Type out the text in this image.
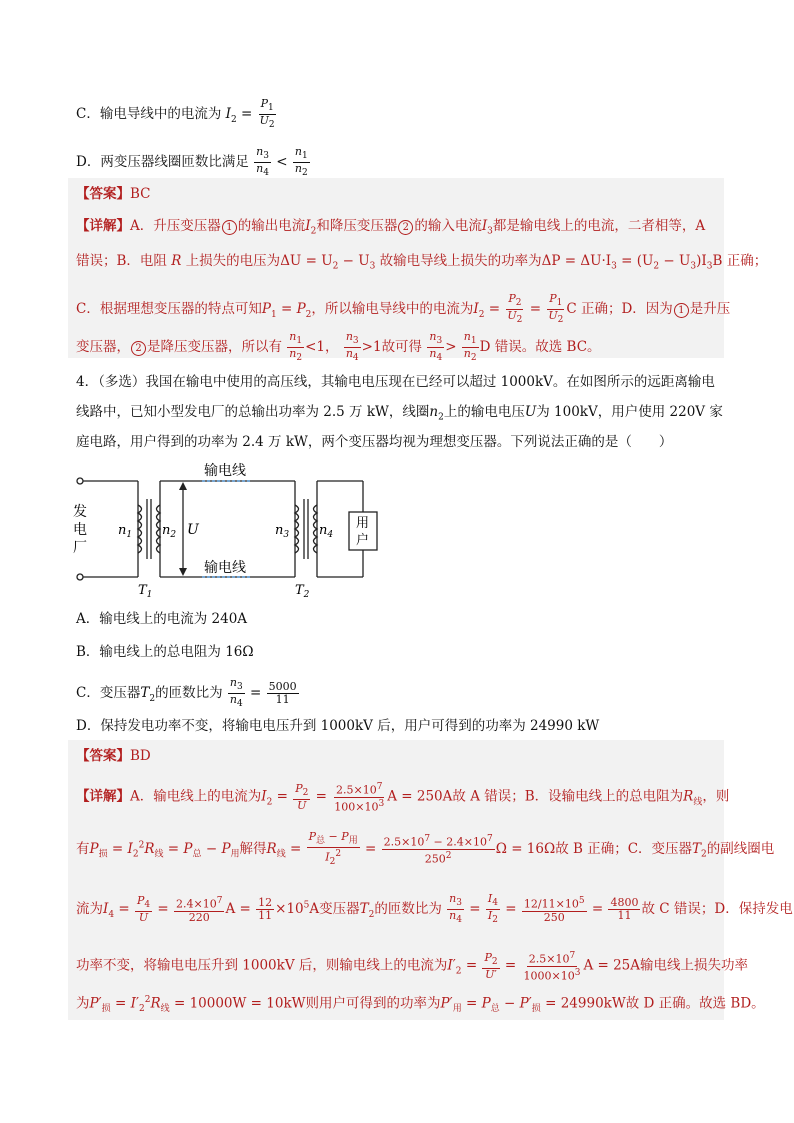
C．输电导线中的电流为 $I_2 = \frac{P_1}{U_2}$
D．两变压器线圈匝数比满足 $\frac{n_3}{n_4} < \frac{n_1}{n_2}$
【答案】BC
【详解】A．升压变压器 1 的输出电流$I_2$和降压变压器 2 的输入电流$I_3$都是输电线上的电流，二者相等，A
错误；B．电阻 R 上损失的电压为$\Delta U = U_2 - U_3$ 故输电导线上损失的功率为$\Delta P = \Delta U\cdot I_3 = (U_2 - U_3)I_3B$ 正确；
C．根据理想变压器的特点可知$P_1 = P_2$，所以输电导线中的电流为$I_2 = \frac{P_2}{U_2} = \frac{P_1}{U_2}$ C 正确；D．因为 1 是升压
变压器， 2 是降压变压器，所以有 $\frac{n_1}{n_2} <1$， $\frac{n_3}{n_4} >1$故可得 $\frac{n_3}{n_4} > \frac{n_1}{n_2}$ D 错误。故选 BC。
4．（多选）我国在输电中使用的高压线，其输电电压现在已经可以超过 1000kV。在如图所示的远距离输电
线路中，已知小型发电厂的总输出功率为 2.5 万 kW，线圈$n_2$上的输电电压U为 100kV，用户使用 220V 家
庭电路，用户得到的功率为 2.4 万 kW，两个变压器均视为理想变压器。下列说法正确的是（　　）
输电线
输电线
发
电
厂
用
户
$n_1$ $n_2$ U	$n_3$ $n_4$
$T_1$	$T_2$
A．输电线上的电流为 240A
B．输电线上的总电阻为 16Ω
C．变压器$T_2$的匝数比为 $\frac{n_3}{n_4} = \frac{5000}{11}$
D．保持发电功率不变，将输电电压升到 1000kV 后，用户可得到的功率为 24990 kW
【答案】BD
【详解】A．输电线上的电流为$I_2 = \frac{P_2}{U} = \frac{2.5\times 10^7}{100\times 10^3}$ A = 250A故 A 错误；B．设输电线上的总电阻为$R_线$，则
有$P_损 = I_2^2R_线 = P_总 - P_用$解得$R_线 = \frac{P_总 - P_用}{I_2^2} = \frac{2.5\times 10^7 - 2.4\times 10^7}{250^2}$ Ω = 16Ω故 B 正确；C．变压器$T_2$的副线圈电
流为$I_4 = \frac{P_4}{U} = \frac{2.4\times 10^7}{220}$ $A = \frac{12}{11} \times 10^5A$变压器$T_2$的匝数比为 $\frac{n_3}{n_4} = \frac{I_4}{I_2} = \frac{12/11\times 10^5}{250} = \frac{4800}{11}$ 故 C 错误；D．保持发电
功率不变，将输电电压升到 1000kV 后，则输电线上的电流为$I'_2 = \frac{P_2}{U'} = \frac{2.5\times 10^7}{1000\times 10^3}$ A = 25A输电线上损失功率
为$P'_损 = I'_2^2R_线 = 10000W = 10kW$则用户可得到的功率为$P'_用 = P_总 - P'_损 = 24990kW$故 D 正确。故选 BD。
